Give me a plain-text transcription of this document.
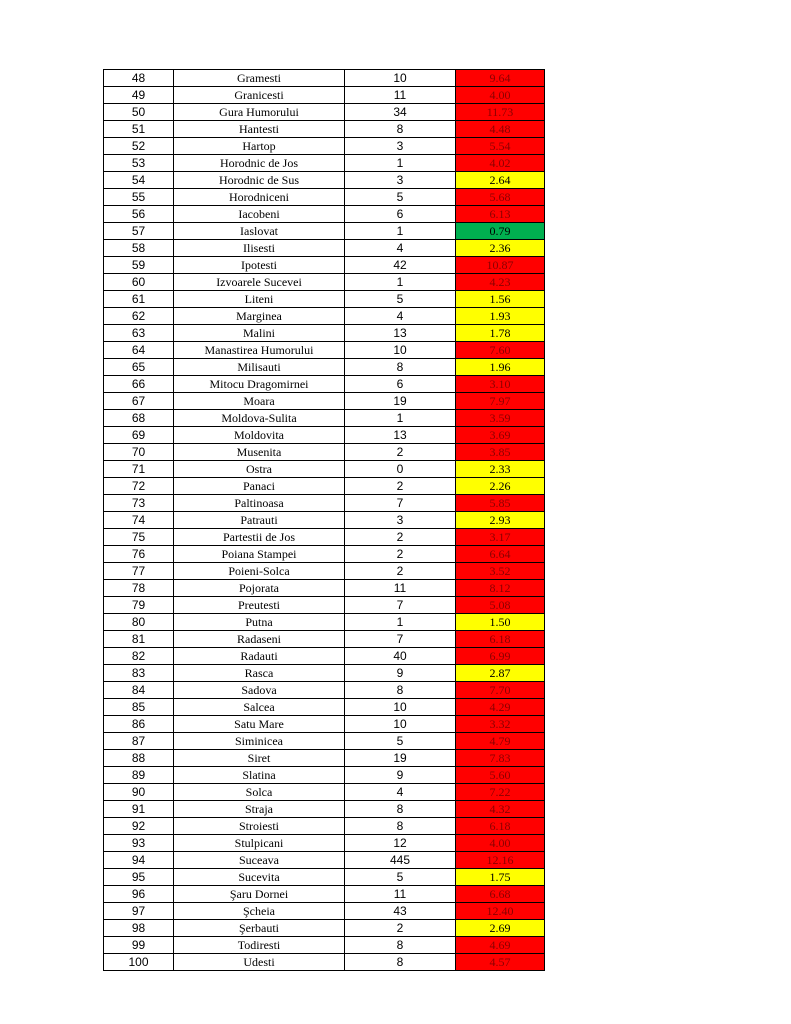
48	Gramesti	10	9.64
49	Granicesti	11	4.00
50	Gura Humorului	34	11.73
51	Hantesti	8	4.48
52	Hartop	3	5.54
53	Horodnic de Jos	1	4.02
54	Horodnic de Sus	3	2.64
55	Horodniceni	5	5.68
56	Iacobeni	6	6.13
57	Iaslovat	1	0.79
58	Ilisesti	4	2.36
59	Ipotesti	42	10.87
60	Izvoarele Sucevei	1	4.23
61	Liteni	5	1.56
62	Marginea	4	1.93
63	Malini	13	1.78
64	Manastirea Humorului	10	7.60
65	Milisauti	8	1.96
66	Mitocu Dragomirnei	6	3.10
67	Moara	19	7.97
68	Moldova-Sulita	1	3.59
69	Moldovita	13	3.69
70	Musenita	2	3.85
71	Ostra	0	2.33
72	Panaci	2	2.26
73	Paltinoasa	7	5.85
74	Patrauti	3	2.93
75	Partestii de Jos	2	3.17
76	Poiana Stampei	2	6.64
77	Poieni-Solca	2	3.52
78	Pojorata	11	8.12
79	Preutesti	7	5.08
80	Putna	1	1.50
81	Radaseni	7	6.18
82	Radauti	40	6.99
83	Rasca	9	2.87
84	Sadova	8	7.70
85	Salcea	10	4.29
86	Satu Mare	10	3.32
87	Siminicea	5	4.79
88	Siret	19	7.83
89	Slatina	9	5.60
90	Solca	4	7.22
91	Straja	8	4.32
92	Stroiesti	8	6.18
93	Stulpicani	12	4.00
94	Suceava	445	12.16
95	Sucevita	5	1.75
96	Şaru Dornei	11	6.68
97	Şcheia	43	12.40
98	Şerbauti	2	2.69
99	Todiresti	8	4.69
100	Udesti	8	4.57
